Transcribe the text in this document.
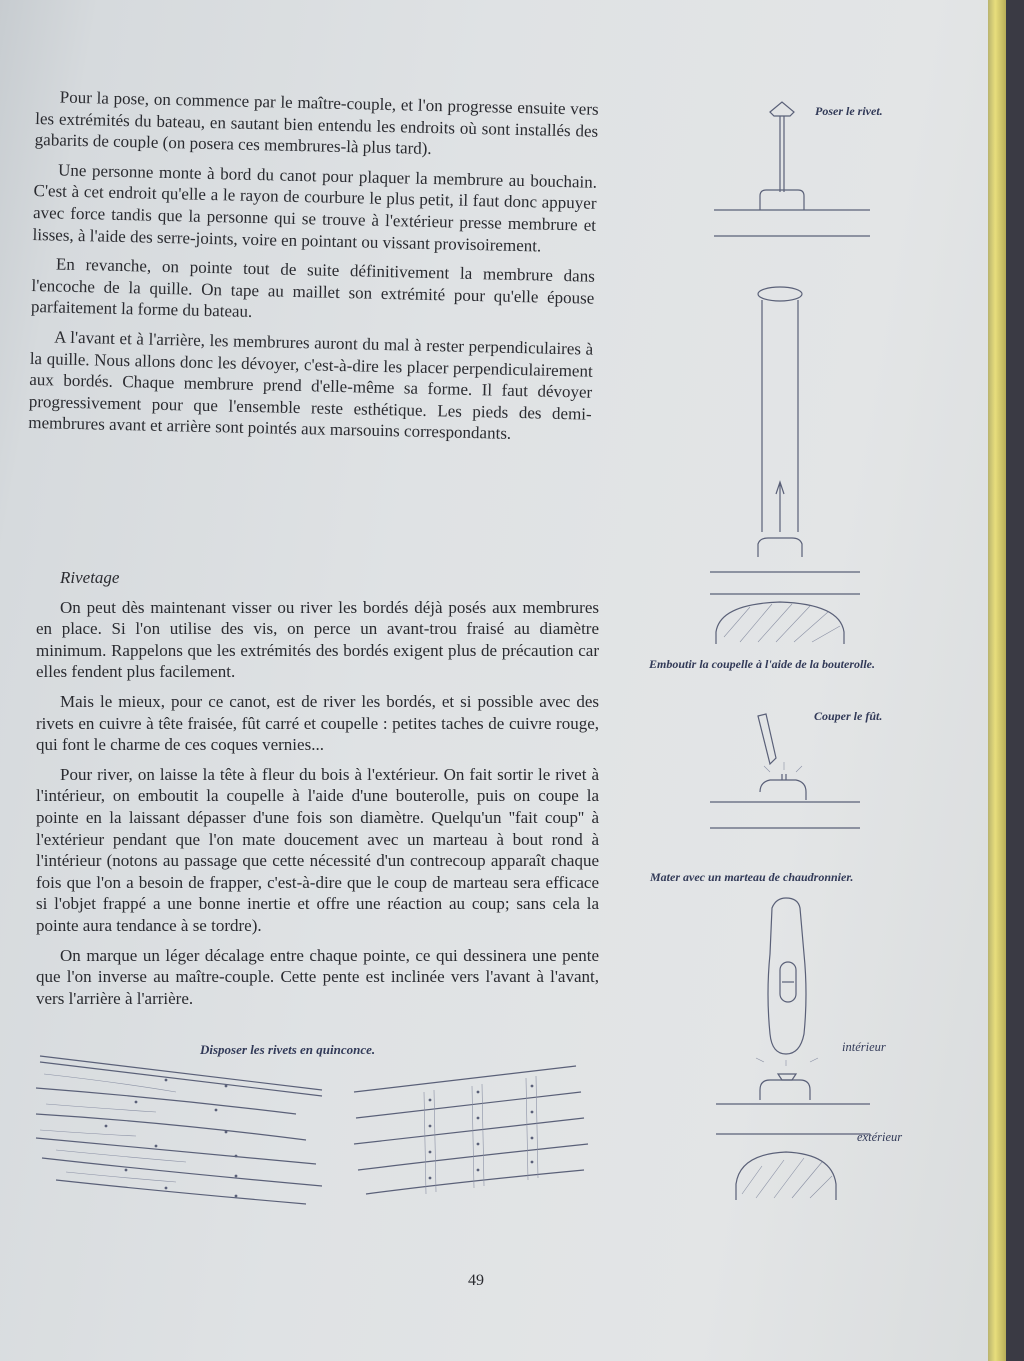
Pour la pose, on commence par le maître-couple, et l'on progresse ensuite vers les extrémités du bateau, en sautant bien entendu les endroits où sont installés des gabarits de couple (on posera ces membrures-là plus tard).

Une personne monte à bord du canot pour plaquer la membrure au bouchain. C'est à cet endroit qu'elle a le rayon de courbure le plus petit, il faut donc appuyer avec force tandis que la personne qui se trouve à l'extérieur presse membrure et lisses, à l'aide des serre-joints, voire en pointant ou vissant provisoirement.

En revanche, on pointe tout de suite définitivement la membrure dans l'encoche de la quille. On tape au maillet son extrémité pour qu'elle épouse parfaitement la forme du bateau.

A l'avant et à l'arrière, les membrures auront du mal à rester perpendiculaires à la quille. Nous allons donc les dévoyer, c'est-à-dire les placer perpendiculairement aux bordés. Chaque membrure prend d'elle-même sa forme. Il faut dévoyer progressivement pour que l'ensemble reste esthétique. Les pieds des demi-membrures avant et arrière sont pointés aux marsouins correspondants.

Rivetage

On peut dès maintenant visser ou river les bordés déjà posés aux membrures en place. Si l'on utilise des vis, on perce un avant-trou fraisé au diamètre minimum. Rappelons que les extrémités des bordés exigent plus de précaution car elles fendent plus facilement.

Mais le mieux, pour ce canot, est de river les bordés, et si possible avec des rivets en cuivre à tête fraisée, fût carré et coupelle : petites taches de cuivre rouge, qui font le charme de ces coques vernies...

Pour river, on laisse la tête à fleur du bois à l'extérieur. On fait sortir le rivet à l'intérieur, on emboutit la coupelle à l'aide d'une bouterolle, puis on coupe la pointe en la laissant dépasser d'une fois son diamètre. Quelqu'un ''fait coup'' à l'extérieur pendant que l'on mate doucement avec un marteau à bout rond à l'intérieur (notons au passage que cette nécessité d'un contrecoup apparaît chaque fois que l'on a besoin de frapper, c'est-à-dire que le coup de marteau sera efficace si l'objet frappé a une bonne inertie et offre une réaction au coup; sans cela la pointe aura tendance à se tordre).

On marque un léger décalage entre chaque pointe, ce qui dessinera une pente que l'on inverse au maître-couple. Cette pente est inclinée vers l'avant à l'avant, vers l'arrière à l'arrière.

Poser le rivet.
Emboutir la coupelle à l'aide de la bouterolle.
Couper le fût.
Mater avec un marteau de chaudronnier.
intérieur
extérieur
Disposer les rivets en quinconce.
49
